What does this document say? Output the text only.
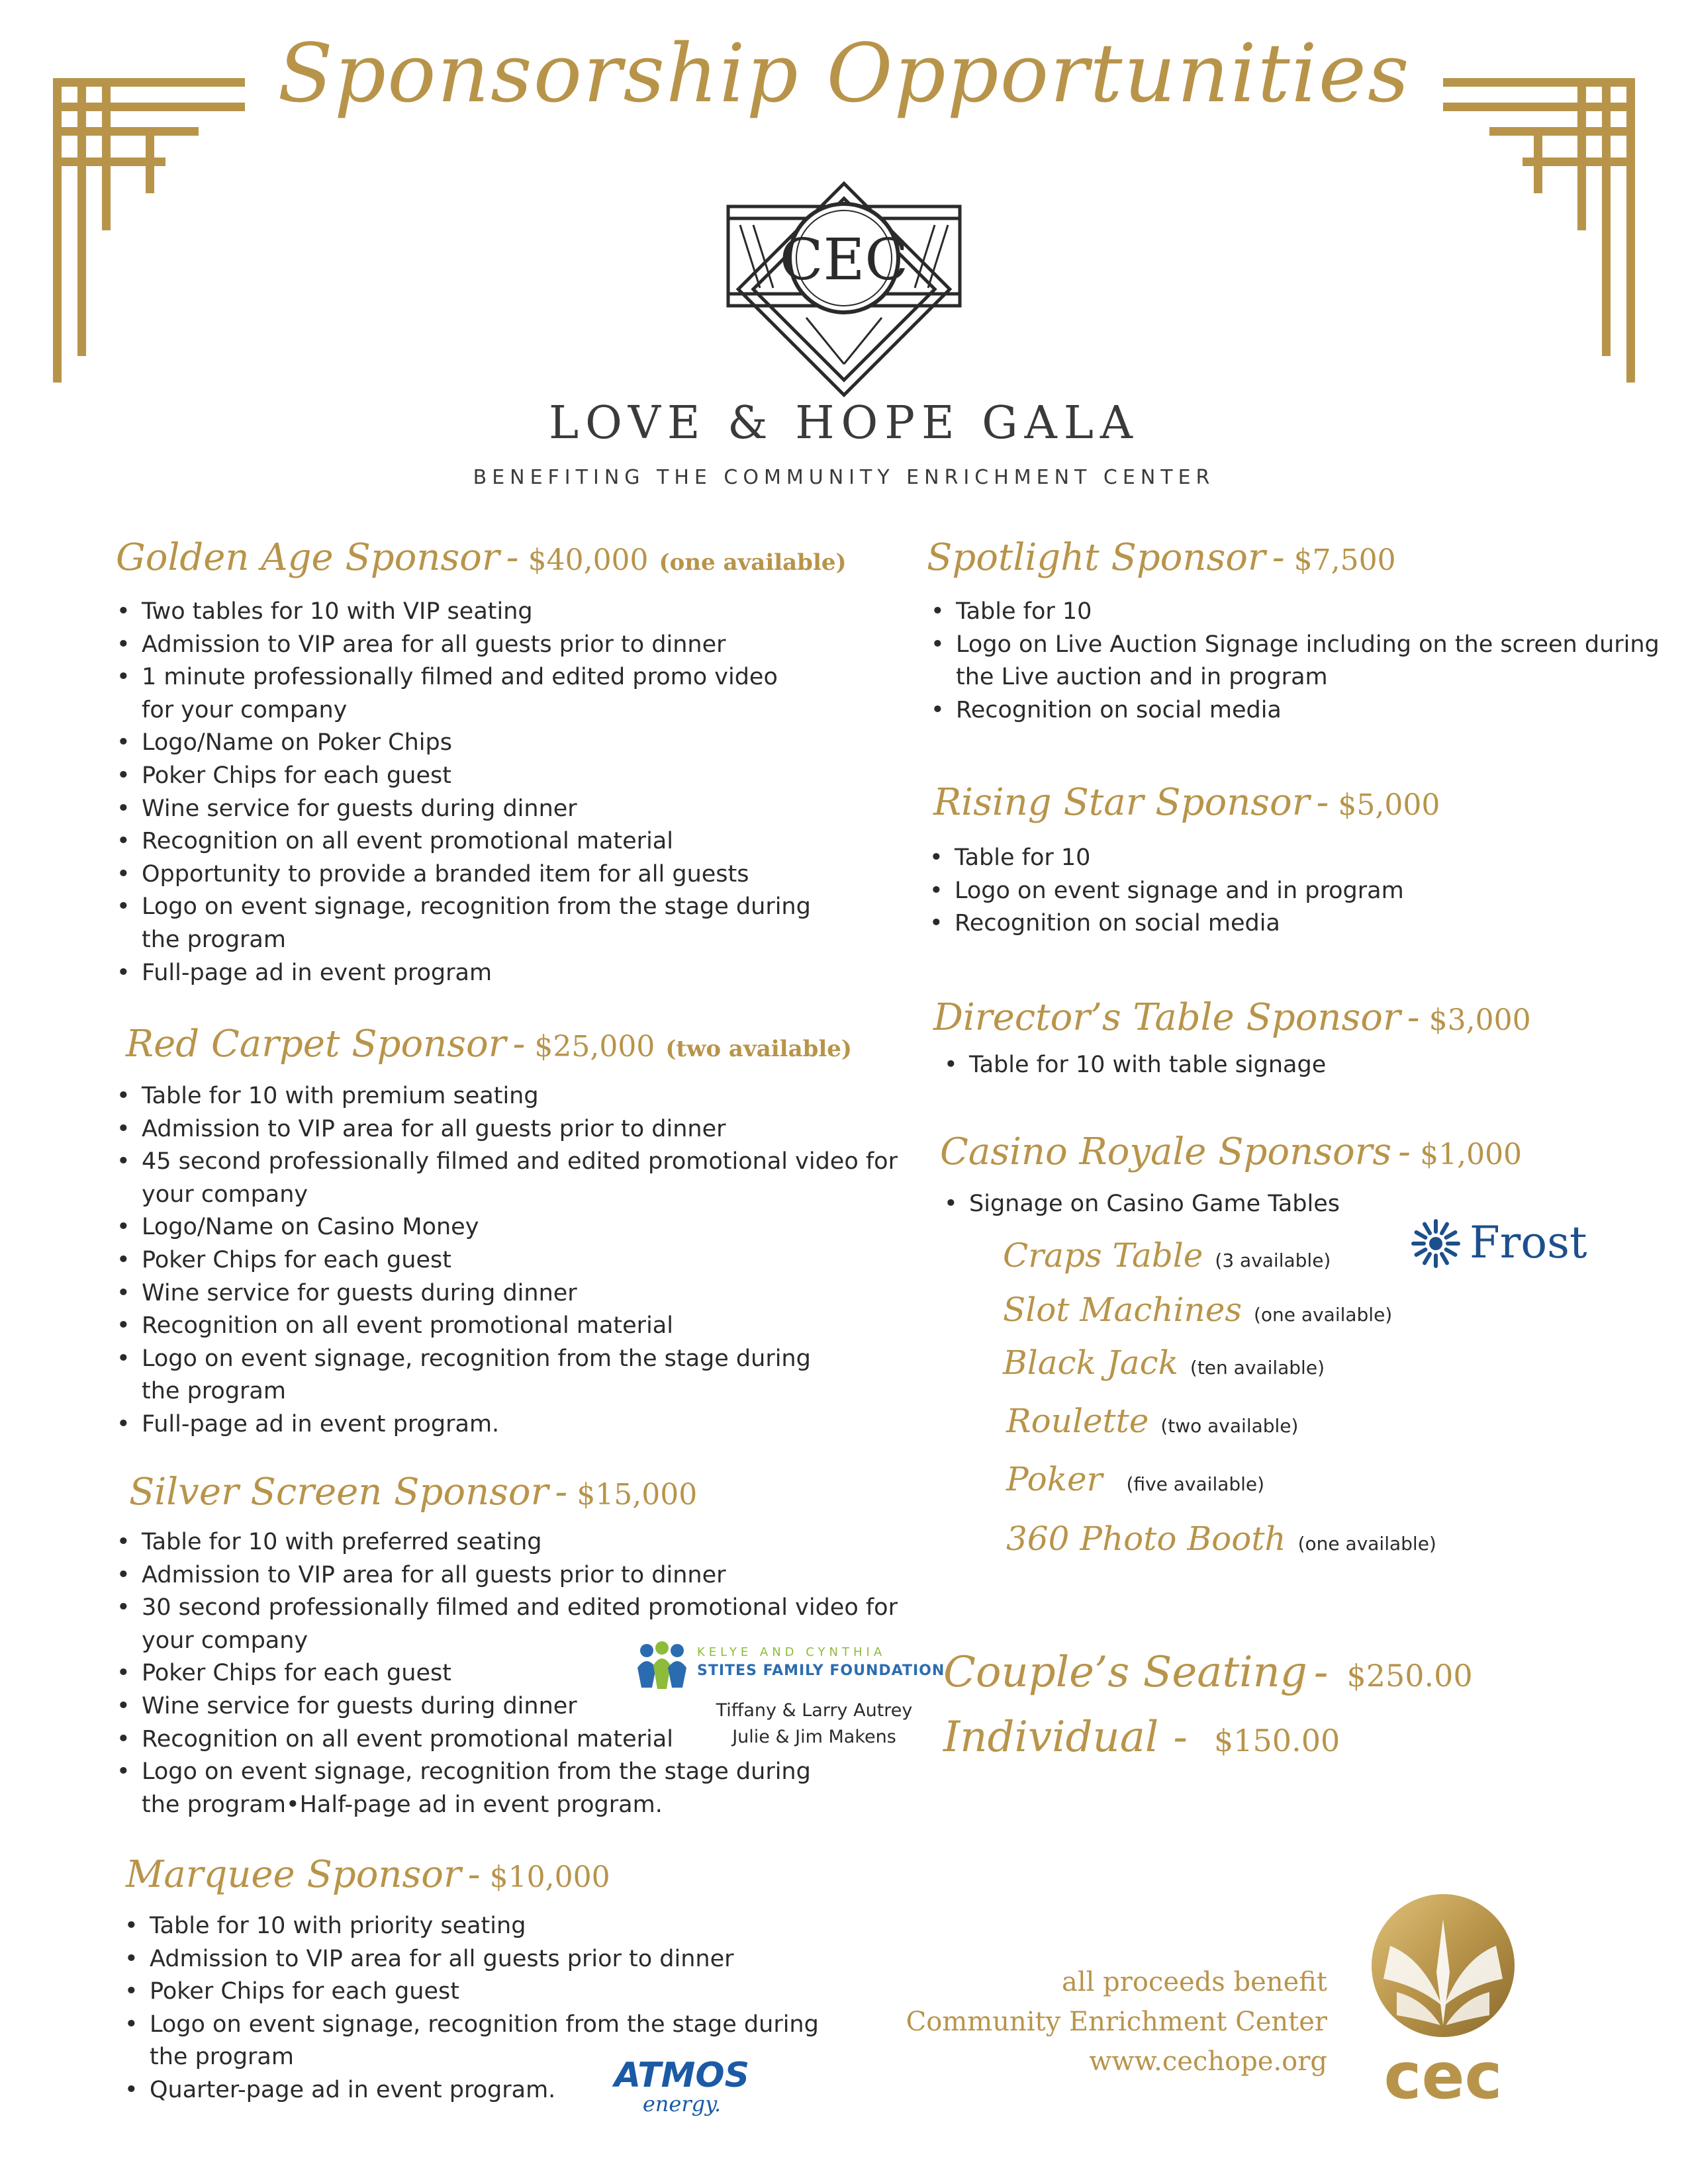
Sponsorship Opportunities
CEC
LOVE & HOPE GALA
BENEFITING THE COMMUNITY ENRICHMENT CENTER
Golden Age Sponsor - $40,000 (one available)
• Two tables for 10 with VIP seating
• Admission to VIP area for all guests prior to dinner
• 1 minute professionally filmed and edited promo video
for your company
• Logo/Name on Poker Chips
• Poker Chips for each guest
• Wine service for guests during dinner
• Recognition on all event promotional material
• Opportunity to provide a branded item for all guests
• Logo on event signage, recognition from the stage during
the program
• Full-page ad in event program
Red Carpet Sponsor - $25,000 (two available)
• Table for 10 with premium seating
• Admission to VIP area for all guests prior to dinner
• 45 second professionally filmed and edited promotional video for
your company
• Logo/Name on Casino Money
• Poker Chips for each guest
• Wine service for guests during dinner
• Recognition on all event promotional material
• Logo on event signage, recognition from the stage during
the program
• Full-page ad in event program.
Silver Screen Sponsor - $15,000
• Table for 10 with preferred seating
• Admission to VIP area for all guests prior to dinner
• 30 second professionally filmed and edited promotional video for
your company
• Poker Chips for each guest
• Wine service for guests during dinner
• Recognition on all event promotional material
• Logo on event signage, recognition from the stage during
the program•Half-page ad in event program.
KELYE AND CYNTHIA
STITES FAMILY FOUNDATION
Tiffany & Larry Autrey
Julie & Jim Makens
Marquee Sponsor - $10,000
• Table for 10 with priority seating
• Admission to VIP area for all guests prior to dinner
• Poker Chips for each guest
• Logo on event signage, recognition from the stage during
the program
• Quarter-page ad in event program.	ATMOS
energy.
Spotlight Sponsor - $7,500
• Table for 10
• Logo on Live Auction Signage including on the screen during
the Live auction and in program
• Recognition on social media
Rising Star Sponsor - $5,000
• Table for 10
• Logo on event signage and in program
• Recognition on social media
Director’s Table Sponsor - $3,000
• Table for 10 with table signage
Casino Royale Sponsors - $1,000
• Signage on Casino Game Tables
Frost
Craps Table (3 available)
Slot Machines (one available)
Black Jack (ten available)
Roulette (two available)
Poker (five available)
360 Photo Booth (one available)
Couple’s Seating - $250.00
Individual - $150.00
all proceeds benefit
Community Enrichment Center
www.cechope.org cec
